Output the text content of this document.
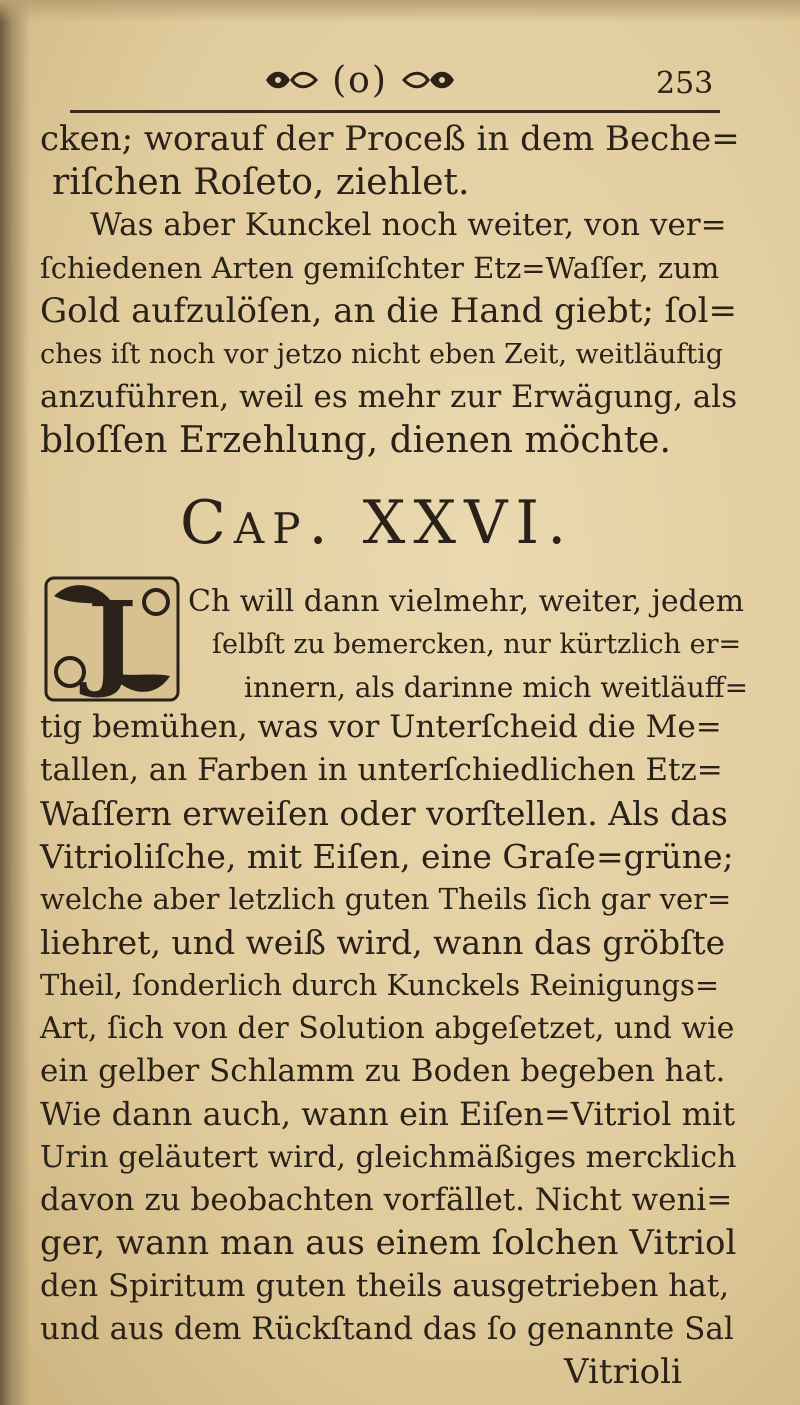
(o)	253
cken; worauf der Proceß in dem Beche=
riſchen Roſeto, ziehlet.
Was aber Kunckel noch weiter, von ver=
ſchiedenen Arten gemiſchter Etz=Waſſer, zum
Gold aufzulöſen, an die Hand giebt; ſol=
ches iſt noch vor jetzo nicht eben Zeit, weitläuftig
anzuführen, weil es mehr zur Erwägung, als
bloſſen Erzehlung, dienen möchte.
Cap. XXVI.
J Ch will dann vielmehr, weiter, jedem
ſelbſt zu bemercken, nur kürtzlich er=
innern, als darinne mich weitläuff=
tig bemühen, was vor Unterſcheid die Me=
tallen, an Farben in unterſchiedlichen Etz=
Waſſern erweiſen oder vorſtellen. Als das
Vitrioliſche, mit Eiſen, eine Graſe=grüne;
welche aber letzlich guten Theils ſich gar ver=
liehret, und weiß wird, wann das gröbſte
Theil, ſonderlich durch Kunckels Reinigungs=
Art, ſich von der Solution abgeſetzet, und wie
ein gelber Schlamm zu Boden begeben hat.
Wie dann auch, wann ein Eiſen=Vitriol mit
Urin geläutert wird, gleichmäßiges mercklich
davon zu beobachten vorfället. Nicht weni=
ger, wann man aus einem ſolchen Vitriol
den Spiritum guten theils ausgetrieben hat,
und aus dem Rückſtand das ſo genannte Sal
Vitrioli
